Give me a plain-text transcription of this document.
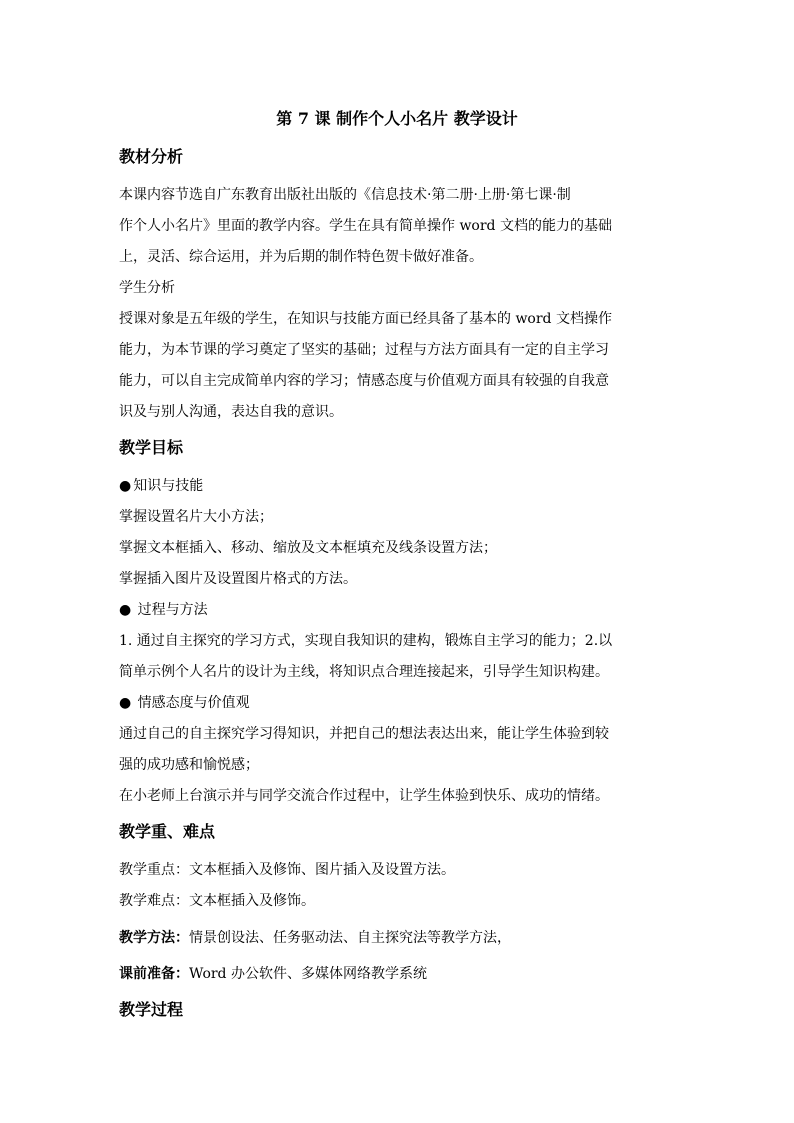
第 7 课 制作个人小名片 教学设计
教材分析
本课内容节选自广东教育出版社出版的《信息技术·第二册·上册·第七课·制
作个人小名片》里面的教学内容。学生在具有简单操作 word 文档的能力的基础
上，灵活、综合运用，并为后期的制作特色贺卡做好准备。
学生分析
授课对象是五年级的学生，在知识与技能方面已经具备了基本的 word 文档操作
能力，为本节课的学习奠定了坚实的基础；过程与方法方面具有一定的自主学习
能力，可以自主完成简单内容的学习；情感态度与价值观方面具有较强的自我意
识及与别人沟通，表达自我的意识。
教学目标
● 知识与技能
掌握设置名片大小方法；
掌握文本框插入、移动、缩放及文本框填充及线条设置方法；
掌握插入图片及设置图片格式的方法。
● 过程与方法
1. 通过自主探究的学习方式，实现自我知识的建构，锻炼自主学习的能力；2.以
简单示例个人名片的设计为主线，将知识点合理连接起来，引导学生知识构建。
● 情感态度与价值观
通过自己的自主探究学习得知识，并把自己的想法表达出来，能让学生体验到较
强的成功感和愉悦感；
在小老师上台演示并与同学交流合作过程中，让学生体验到快乐、成功的情绪。
教学重、难点
教学重点：文本框插入及修饰、图片插入及设置方法。
教学难点：文本框插入及修饰。
教学方法：情景创设法、任务驱动法、自主探究法等教学方法，
课前准备：Word 办公软件、多媒体网络教学系统
教学过程
